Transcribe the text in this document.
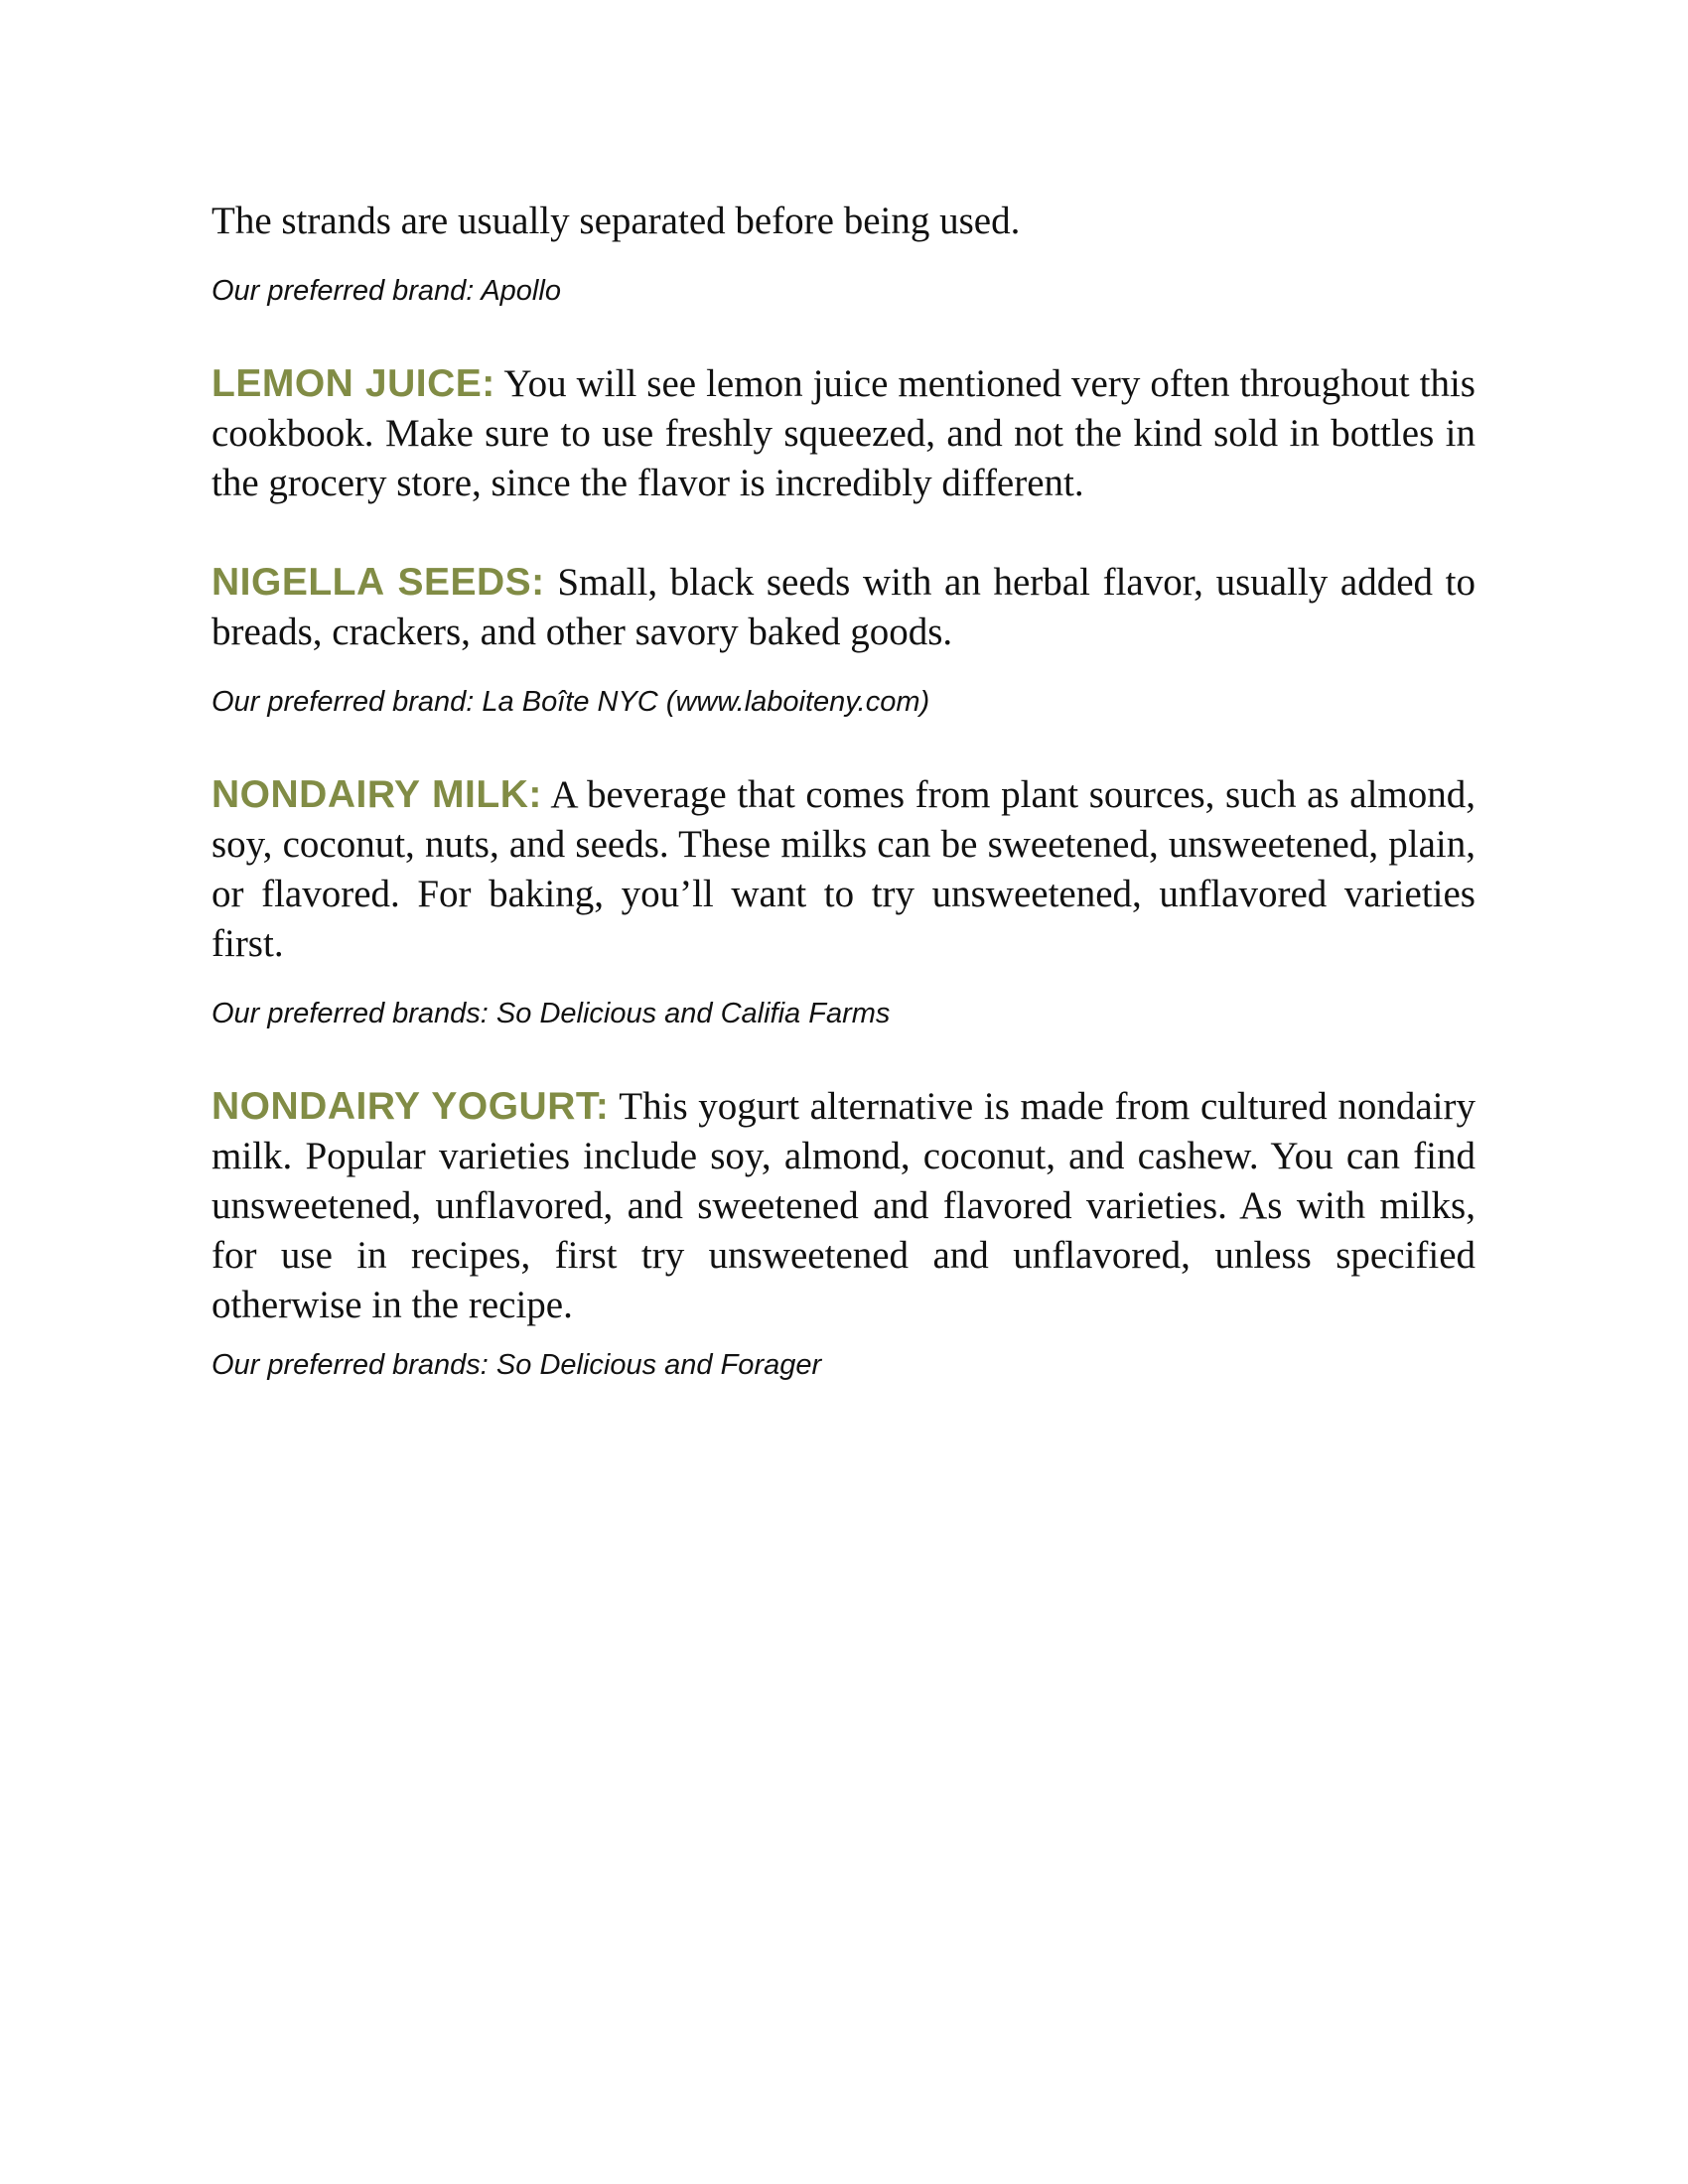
The strands are usually separated before being used.

Our preferred brand: Apollo

LEMON JUICE: You will see lemon juice mentioned very often throughout this cookbook. Make sure to use freshly squeezed, and not the kind sold in bottles in the grocery store, since the flavor is incredibly different.

NIGELLA SEEDS: Small, black seeds with an herbal flavor, usually added to breads, crackers, and other savory baked goods.

Our preferred brand: La Boîte NYC (www.laboiteny.com)

NONDAIRY MILK: A beverage that comes from plant sources, such as almond, soy, coconut, nuts, and seeds. These milks can be sweetened, unsweetened, plain, or flavored. For baking, you’ll want to try unsweetened, unflavored varieties first.

Our preferred brands: So Delicious and Califia Farms

NONDAIRY YOGURT: This yogurt alternative is made from cultured nondairy milk. Popular varieties include soy, almond, coconut, and cashew. You can find unsweetened, unflavored, and sweetened and flavored varieties. As with milks, for use in recipes, first try unsweetened and unflavored, unless specified otherwise in the recipe.

Our preferred brands: So Delicious and Forager
